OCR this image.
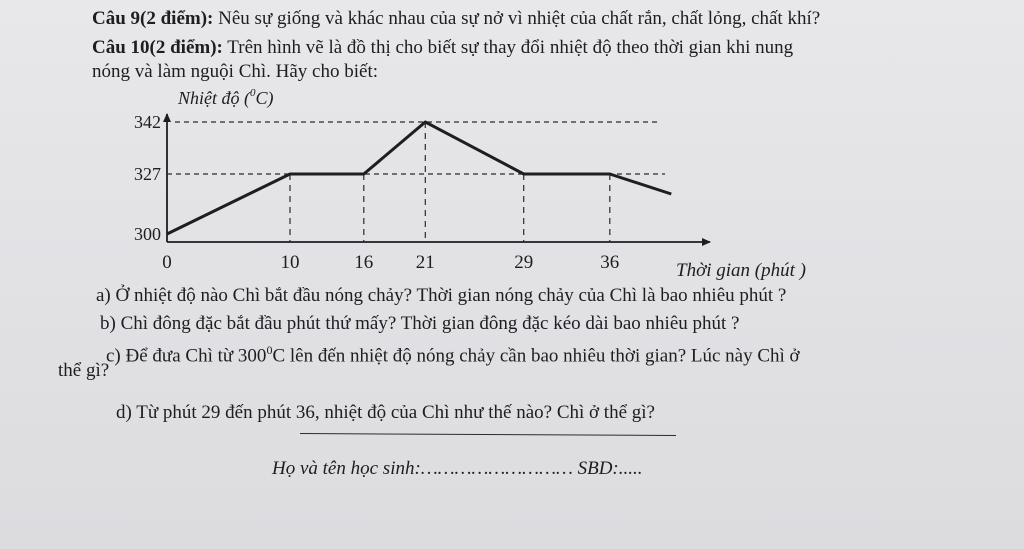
Câu 9(2 điểm): Nêu sự giống và khác nhau của sự nở vì nhiệt của chất rắn, chất lỏng, chất khí?
Câu 10(2 điểm): Trên hình vẽ là đồ thị cho biết sự thay đổi nhiệt độ theo thời gian khi nung
nóng và làm nguội Chì. Hãy cho biết:
Nhiệt độ ($^0$C)
Thời gian (phút )
0	10	16 21	29	36
300
327
342
a) Ở nhiệt độ nào Chì bắt đầu nóng chảy? Thời gian nóng chảy của Chì là bao nhiêu phút ?
b) Chì đông đặc bắt đầu phút thứ mấy? Thời gian đông đặc kéo dài bao nhiêu phút ?
c) Để đưa Chì từ $300^0C$ lên đến nhiệt độ nóng chảy cần bao nhiêu thời gian? Lúc này Chì ở
thể gì?
d) Từ phút 29 đến phút 36, nhiệt độ của Chì như thế nào? Chì ở thể gì?
Họ và tên học sinh:……………………… SBD:.....
